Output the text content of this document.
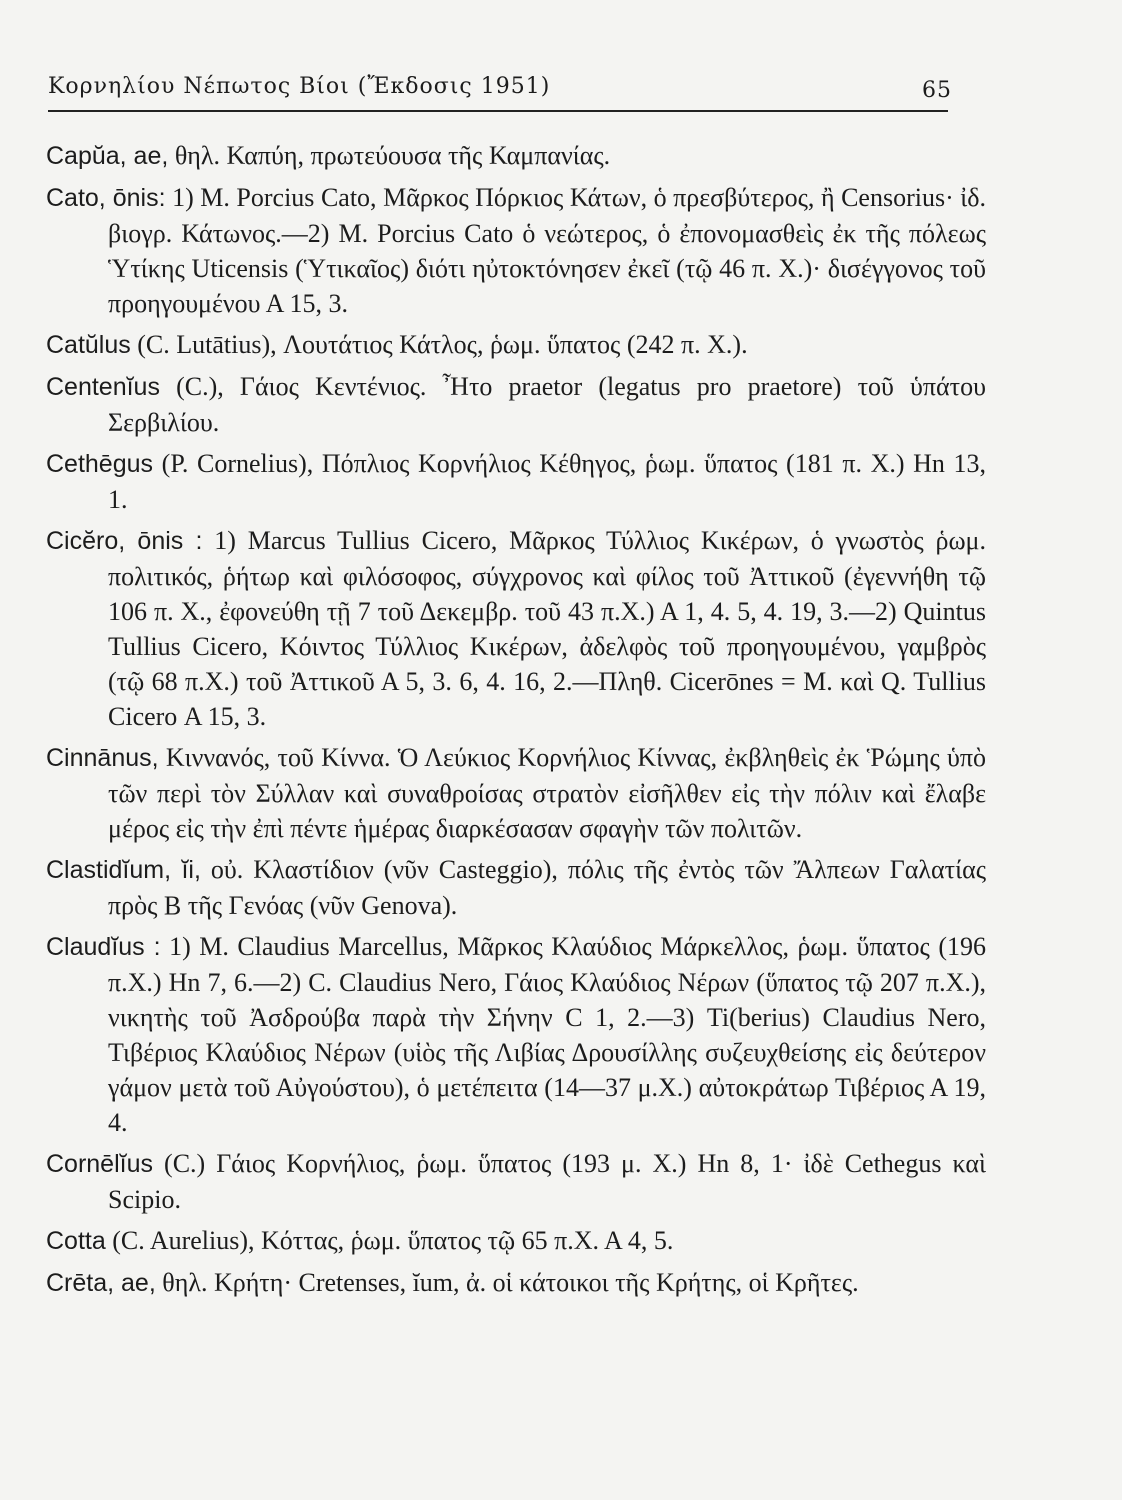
Κορνηλίου Νέπωτος Βίοι (Ἔκδοσις 1951)	65

Capŭa, ae, θηλ. Καπύη, πρωτεύουσα τῆς Καμπανίας.

Cato, ōnis: 1) M. Porcius Cato, Μᾶρκος Πόρκιος Κάτων, ὁ πρεσβύτερος, ἢ Censorius· ἰδ. βιογρ. Κάτωνος.—2) M. Porcius Cato ὁ νεώτερος, ὁ ἐπονομασθεὶς ἐκ τῆς πόλεως Ὑτίκης Uticensis (Ὑτικαῖος) διότι ηὐτοκτόνησεν ἐκεῖ (τῷ 46 π. Χ.)· δισέγγονος τοῦ προηγουμένου Α 15, 3.

Catŭlus (C. Lutātius), Λουτάτιος Κάτλος, ῥωμ. ὕπατος (242 π. Χ.).

Centenĭus (C.), Γάιος Κεντένιος. Ἦτο praetor (legatus pro praetore) τοῦ ὑπάτου Σερβιλίου.

Cethēgus (P. Cornelius), Πόπλιος Κορνήλιος Κέθηγος, ῥωμ. ὕπατος (181 π. Χ.) Ηn 13, 1.

Cicĕro, ōnis : 1) Marcus Tullius Cicero, Μᾶρκος Τύλλιος Κικέρων, ὁ γνωστὸς ῥωμ. πολιτικός, ῥήτωρ καὶ φιλόσοφος, σύγχρονος καὶ φίλος τοῦ Ἀττικοῦ (ἐγεννήθη τῷ 106 π. Χ., ἐφονεύθη τῇ 7 τοῦ Δεκεμβρ. τοῦ 43 π.Χ.) Α 1, 4. 5, 4. 19, 3.—2) Quintus Tullius Cicero, Κόιντος Τύλλιος Κικέρων, ἀδελφὸς τοῦ προηγουμένου, γαμβρὸς (τῷ 68 π.Χ.) τοῦ Ἀττικοῦ Α 5, 3. 6, 4. 16, 2.—Πληθ. Cicerōnes = M. καὶ Q. Tullius Cicero Α 15, 3.

Cinnānus, Κιννανός, τοῦ Κίννα. Ὁ Λεύκιος Κορνήλιος Κίννας, ἐκβληθεὶς ἐκ Ῥώμης ὑπὸ τῶν περὶ τὸν Σύλλαν καὶ συναθροίσας στρατὸν εἰσῆλθεν εἰς τὴν πόλιν καὶ ἔλαβε μέρος εἰς τὴν ἐπὶ πέντε ἡμέρας διαρκέσασαν σφαγὴν τῶν πολιτῶν.

Clastidĭum, ĭi, οὐ. Κλαστίδιον (νῦν Casteggio), πόλις τῆς ἐντὸς τῶν Ἄλπεων Γαλατίας πρὸς Β τῆς Γενόας (νῦν Genova).

Claudĭus : 1) M. Claudius Marcellus, Μᾶρκος Κλαύδιος Μάρκελλος, ῥωμ. ὕπατος (196 π.Χ.) Ηn 7, 6.—2) C. Claudius Nero, Γάιος Κλαύδιος Νέρων (ὕπατος τῷ 207 π.Χ.), νικητὴς τοῦ Ἀσδρούβα παρὰ τὴν Σήνην C 1, 2.—3) Ti(berius) Claudius Nero, Τιβέριος Κλαύδιος Νέρων (υἱὸς τῆς Λιβίας Δρουσίλλης συζευχθείσης εἰς δεύτερον γάμον μετὰ τοῦ Αὐγούστου), ὁ μετέπειτα (14—37 μ.Χ.) αὐτοκράτωρ Τιβέριος Α 19, 4.

Cornēlĭus (C.) Γάιος Κορνήλιος, ῥωμ. ὕπατος (193 μ. Χ.) Ηn 8, 1· ἰδὲ Cethegus καὶ Scipio.

Cotta (C. Aurelius), Κόττας, ῥωμ. ὕπατος τῷ 65 π.Χ. Α 4, 5.

Crēta, ae, θηλ. Κρήτη· Cretenses, ĭum, ἀ. οἱ κάτοικοι τῆς Κρήτης, οἱ Κρῆτες.
